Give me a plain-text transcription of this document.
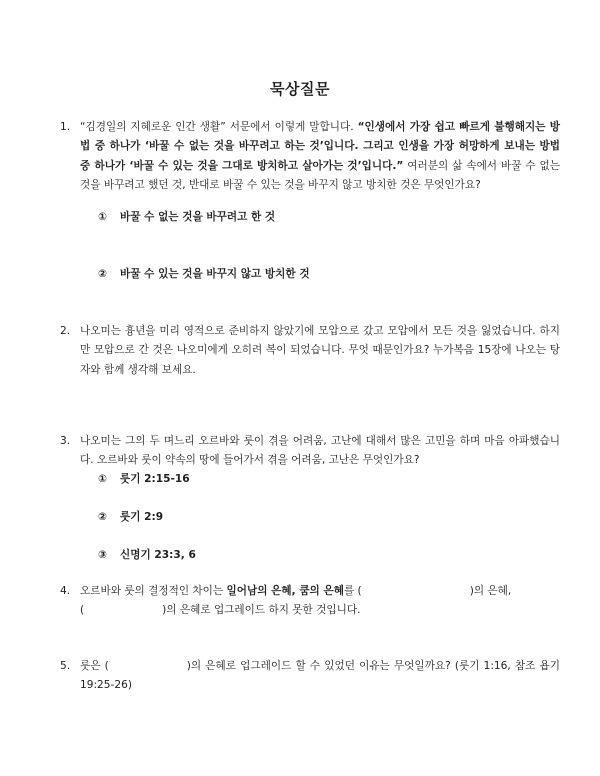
묵상질문
1. “김경일의 지혜로운 인간 생활” 서문에서 이렇게 말합니다. “인생에서 가장 쉽고 빠르게 불행해지는 방법 중 하나가 ‘바꿀 수 없는 것을 바꾸려고 하는 것’입니다. 그리고 인생을 가장 허망하게 보내는 방법 중 하나가 ‘바꿀 수 있는 것을 그대로 방치하고 살아가는 것’입니다.” 여러분의 삶 속에서 바꿀 수 없는 것을 바꾸려고 했던 것, 반대로 바꿀 수 있는 것을 바꾸지 않고 방치한 것은 무엇인가요?
① 바꿀 수 없는 것을 바꾸려고 한 것
② 바꿀 수 있는 것을 바꾸지 않고 방치한 것
2. 나오미는 흉년을 미리 영적으로 준비하지 않았기에 모압으로 갔고 모압에서 모든 것을 잃었습니다. 하지만 모압으로 간 것은 나오미에게 오히려 복이 되었습니다. 무엇 때문인가요? 누가복음 15장에 나오는 탕자와 함께 생각해 보세요.
3. 나오미는 그의 두 며느리 오르바와 룻이 겪을 어려움, 고난에 대해서 많은 고민을 하며 마음 아파했습니다. 오르바와 룻이 약속의 땅에 들어가서 겪을 어려움, 고난은 무엇인가요?
① 룻기 2:15-16
② 룻기 2:9
③ 신명기 23:3, 6
4. 오르바와 룻의 결정적인 차이는 일어남의 은혜, 쿰의 은혜를 (	)의 은혜,
(	)의 은혜로 업그레이드 하지 못한 것입니다.
5. 룻은 (	)의 은혜로 업그레이드 할 수 있었던 이유는 무엇일까요? (룻기 1:16, 참조 욥기 19:25-26)
